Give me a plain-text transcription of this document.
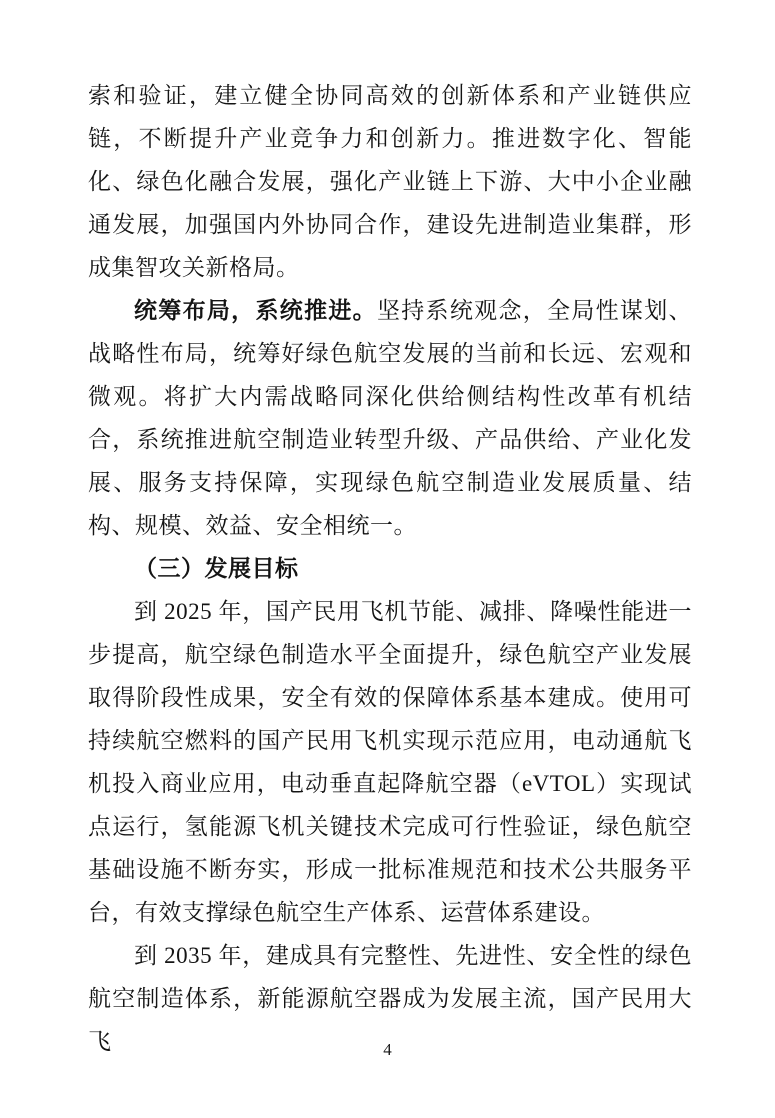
索和验证，建立健全协同高效的创新体系和产业链供应链，不断提升产业竞争力和创新力。推进数字化、智能化、绿色化融合发展，强化产业链上下游、大中小企业融通发展，加强国内外协同合作，建设先进制造业集群，形成集智攻关新格局。

统筹布局，系统推进。坚持系统观念，全局性谋划、战略性布局，统筹好绿色航空发展的当前和长远、宏观和微观。将扩大内需战略同深化供给侧结构性改革有机结合，系统推进航空制造业转型升级、产品供给、产业化发展、服务支持保障，实现绿色航空制造业发展质量、结构、规模、效益、安全相统一。

（三）发展目标

到 2025 年，国产民用飞机节能、减排、降噪性能进一步提高，航空绿色制造水平全面提升，绿色航空产业发展取得阶段性成果，安全有效的保障体系基本建成。使用可持续航空燃料的国产民用飞机实现示范应用，电动通航飞机投入商业应用，电动垂直起降航空器（eVTOL）实现试点运行，氢能源飞机关键技术完成可行性验证，绿色航空基础设施不断夯实，形成一批标准规范和技术公共服务平台，有效支撑绿色航空生产体系、运营体系建设。

到 2035 年，建成具有完整性、先进性、安全性的绿色航空制造体系，新能源航空器成为发展主流，国产民用大飞	4
